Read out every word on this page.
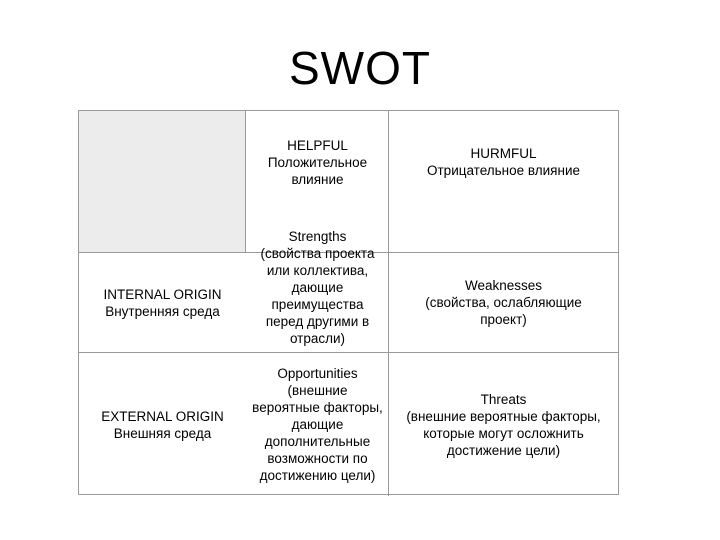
SWOT
HELPFUL
Положительное влияние
HURMFUL
Отрицательное влияние
INTERNAL ORIGIN
Внутренняя среда
Strengths
(свойства проекта или коллектива, дающие преимущества перед другими в отрасли)
Weaknesses
(свойства, ослабляющие проект)
EXTERNAL ORIGIN
Внешняя среда
Opportunities
(внешние вероятные факторы, дающие дополнительные возможности по достижению цели)
Threats
(внешние вероятные факторы, которые могут осложнить достижение цели)
